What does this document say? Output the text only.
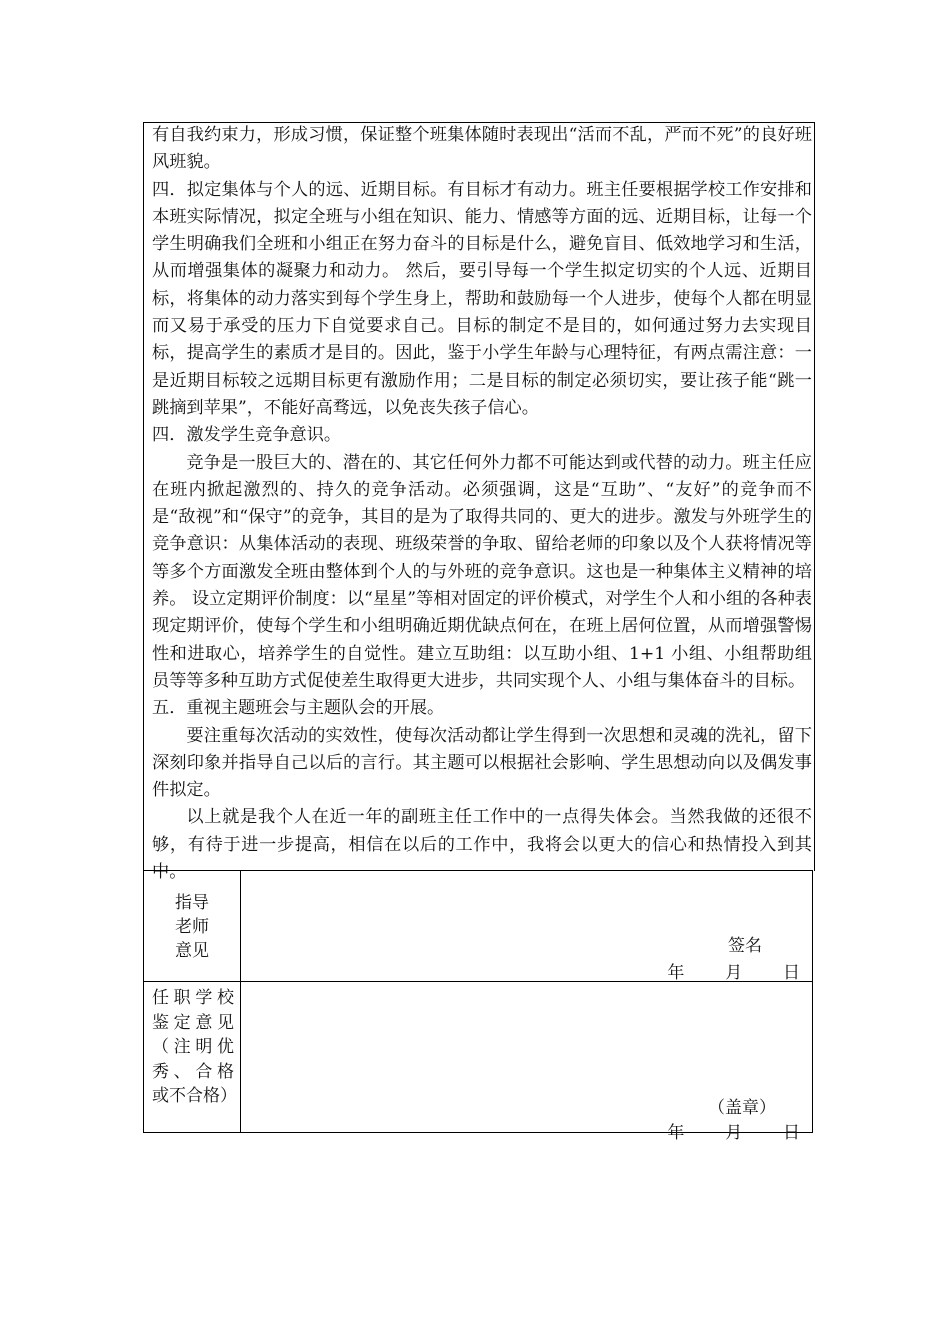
有自我约束力，形成习惯，保证整个班集体随时表现出“活而不乱，严而不死”的良好班风班貌。

四．拟定集体与个人的远、近期目标。有目标才有动力。班主任要根据学校工作安排和本班实际情况，拟定全班与小组在知识、能力、情感等方面的远、近期目标，让每一个学生明确我们全班和小组正在努力奋斗的目标是什么，避免盲目、低效地学习和生活，从而增强集体的凝聚力和动力。 然后，要引导每一个学生拟定切实的个人远、近期目标，将集体的动力落实到每个学生身上，帮助和鼓励每一个人进步，使每个人都在明显而又易于承受的压力下自觉要求自己。目标的制定不是目的，如何通过努力去实现目标，提高学生的素质才是目的。因此，鉴于小学生年龄与心理特征，有两点需注意：一是近期目标较之远期目标更有激励作用；二是目标的制定必须切实，要让孩子能“跳一跳摘到苹果”，不能好高骛远，以免丧失孩子信心。

四．激发学生竞争意识。

竞争是一股巨大的、潜在的、其它任何外力都不可能达到或代替的动力。班主任应在班内掀起激烈的、持久的竞争活动。必须强调，这是“互助”、“友好”的竞争而不是“敌视”和“保守”的竞争，其目的是为了取得共同的、更大的进步。激发与外班学生的竞争意识：从集体活动的表现、班级荣誉的争取、留给老师的印象以及个人获将情况等等多个方面激发全班由整体到个人的与外班的竞争意识。这也是一种集体主义精神的培养。 设立定期评价制度：以“星星”等相对固定的评价模式，对学生个人和小组的各种表现定期评价，使每个学生和小组明确近期优缺点何在，在班上居何位置，从而增强警惕性和进取心，培养学生的自觉性。建立互助组：以互助小组、1+1 小组、小组帮助组员等等多种互助方式促使差生取得更大进步，共同实现个人、小组与集体奋斗的目标。

五．重视主题班会与主题队会的开展。

要注重每次活动的实效性，使每次活动都让学生得到一次思想和灵魂的洗礼，留下深刻印象并指导自己以后的言行。其主题可以根据社会影响、学生思想动向以及偶发事件拟定。

以上就是我个人在近一年的副班主任工作中的一点得失体会。当然我做的还很不够，有待于进一步提高，相信在以后的工作中，我将会以更大的信心和热情投入到其中。

指导
老师
意见	签名
年 月 日

任职学校鉴定意见（注明优秀、合格或不合格）	（盖章）
年 月 日
